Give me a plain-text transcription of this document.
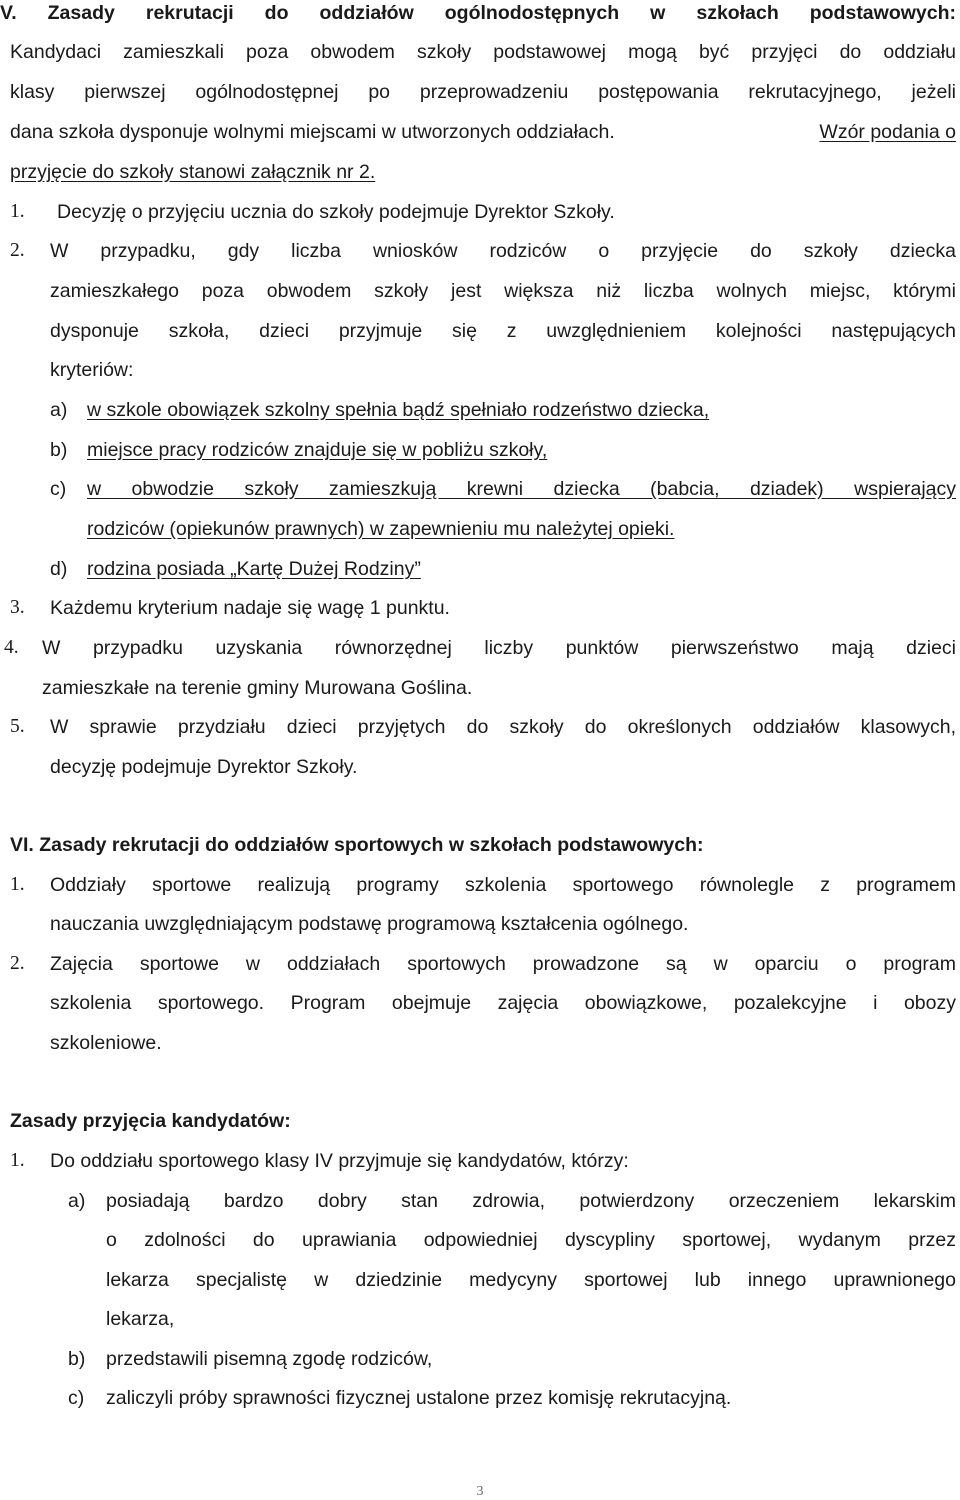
V. Zasady rekrutacji do oddziałów ogólnodostępnych w szkołach podstawowych:
Kandydaci zamieszkali poza obwodem szkoły podstawowej mogą być przyjęci do oddziału
klasy pierwszej ogólnodostępnej po przeprowadzeniu postępowania rekrutacyjnego, jeżeli
dana szkoła dysponuje wolnymi miejscami w utworzonych oddziałach.	Wzór podania o
przyjęcie do szkoły stanowi załącznik nr 2.
1. Decyzję o przyjęciu ucznia do szkoły podejmuje Dyrektor Szkoły.
2. W przypadku, gdy liczba wniosków rodziców o przyjęcie do szkoły dziecka
zamieszkałego poza obwodem szkoły jest większa niż liczba wolnych miejsc, którymi
dysponuje szkoła, dzieci przyjmuje się z uwzględnieniem kolejności następujących
kryteriów:
a) w szkole obowiązek szkolny spełnia bądź spełniało rodzeństwo dziecka,
b) miejsce pracy rodziców znajduje się w pobliżu szkoły,
c) w obwodzie szkoły zamieszkują krewni dziecka (babcia, dziadek) wspierający
rodziców (opiekunów prawnych) w zapewnieniu mu należytej opieki.
d) rodzina posiada „Kartę Dużej Rodziny”
3. Każdemu kryterium nadaje się wagę 1 punktu.
4. W przypadku uzyskania równorzędnej liczby punktów pierwszeństwo mają dzieci
zamieszkałe na terenie gminy Murowana Goślina.
5. W sprawie przydziału dzieci przyjętych do szkoły do określonych oddziałów klasowych,
decyzję podejmuje Dyrektor Szkoły.
VI. Zasady rekrutacji do oddziałów sportowych w szkołach podstawowych:
1. Oddziały sportowe realizują programy szkolenia sportowego równolegle z programem
nauczania uwzględniającym podstawę programową kształcenia ogólnego.
2. Zajęcia sportowe w oddziałach sportowych prowadzone są w oparciu o program
szkolenia sportowego. Program obejmuje zajęcia obowiązkowe, pozalekcyjne i obozy
szkoleniowe.
Zasady przyjęcia kandydatów:
1. Do oddziału sportowego klasy IV przyjmuje się kandydatów, którzy:
a) posiadają bardzo dobry stan zdrowia, potwierdzony orzeczeniem lekarskim
o zdolności do uprawiania odpowiedniej dyscypliny sportowej, wydanym przez
lekarza specjalistę w dziedzinie medycyny sportowej lub innego uprawnionego
lekarza,
b) przedstawili pisemną zgodę rodziców,
c) zaliczyli próby sprawności fizycznej ustalone przez komisję rekrutacyjną.
3
